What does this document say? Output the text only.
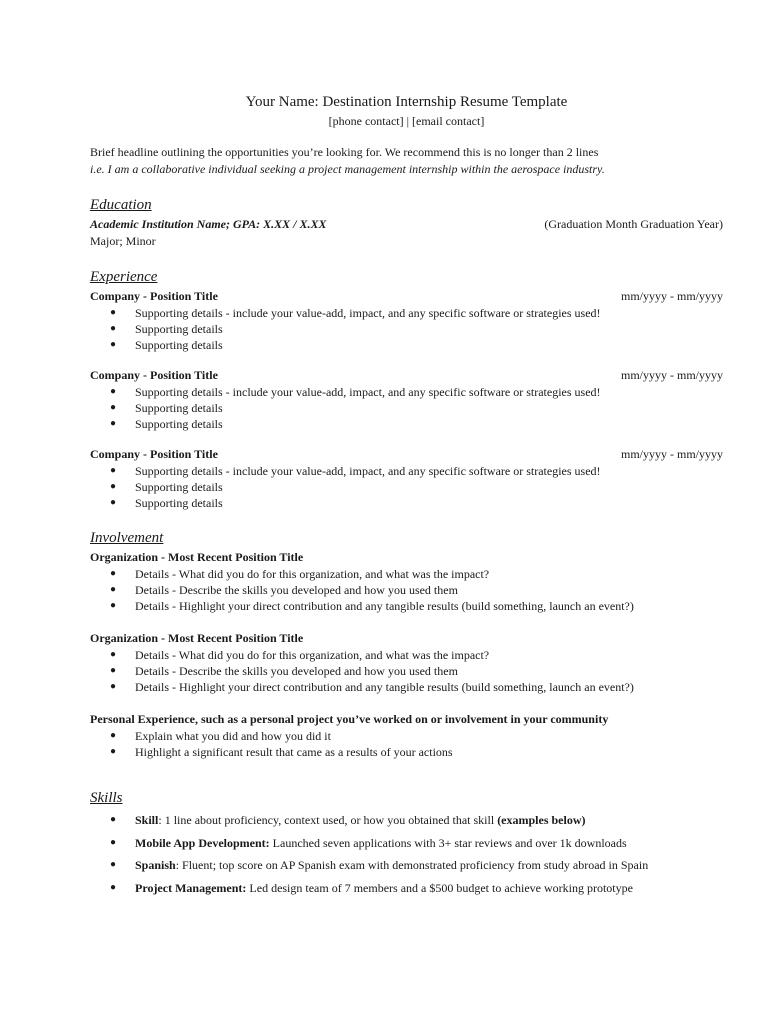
Your Name: Destination Internship Resume Template
[phone contact] | [email contact]
Brief headline outlining the opportunities you’re looking for. We recommend this is no longer than 2 lines
i.e. I am a collaborative individual seeking a project management internship within the aerospace industry.
Education
Academic Institution Name; GPA: X.XX / X.XX	(Graduation Month Graduation Year)
Major; Minor
Experience
Company - Position Title	mm/yyyy - mm/yyyy
● Supporting details - include your value-add, impact, and any specific software or strategies used!
● Supporting details
● Supporting details
Company - Position Title	mm/yyyy - mm/yyyy
● Supporting details - include your value-add, impact, and any specific software or strategies used!
● Supporting details
● Supporting details
Company - Position Title	mm/yyyy - mm/yyyy
● Supporting details - include your value-add, impact, and any specific software or strategies used!
● Supporting details
● Supporting details
Involvement
Organization - Most Recent Position Title
● Details - What did you do for this organization, and what was the impact?
● Details - Describe the skills you developed and how you used them
● Details - Highlight your direct contribution and any tangible results (build something, launch an event?)
Organization - Most Recent Position Title
● Details - What did you do for this organization, and what was the impact?
● Details - Describe the skills you developed and how you used them
● Details - Highlight your direct contribution and any tangible results (build something, launch an event?)
Personal Experience, such as a personal project you’ve worked on or involvement in your community
● Explain what you did and how you did it
● Highlight a significant result that came as a results of your actions
Skills
● Skill: 1 line about proficiency, context used, or how you obtained that skill (examples below)
● Mobile App Development: Launched seven applications with 3+ star reviews and over 1k downloads
● Spanish: Fluent; top score on AP Spanish exam with demonstrated proficiency from study abroad in Spain
● Project Management: Led design team of 7 members and a $500 budget to achieve working prototype
